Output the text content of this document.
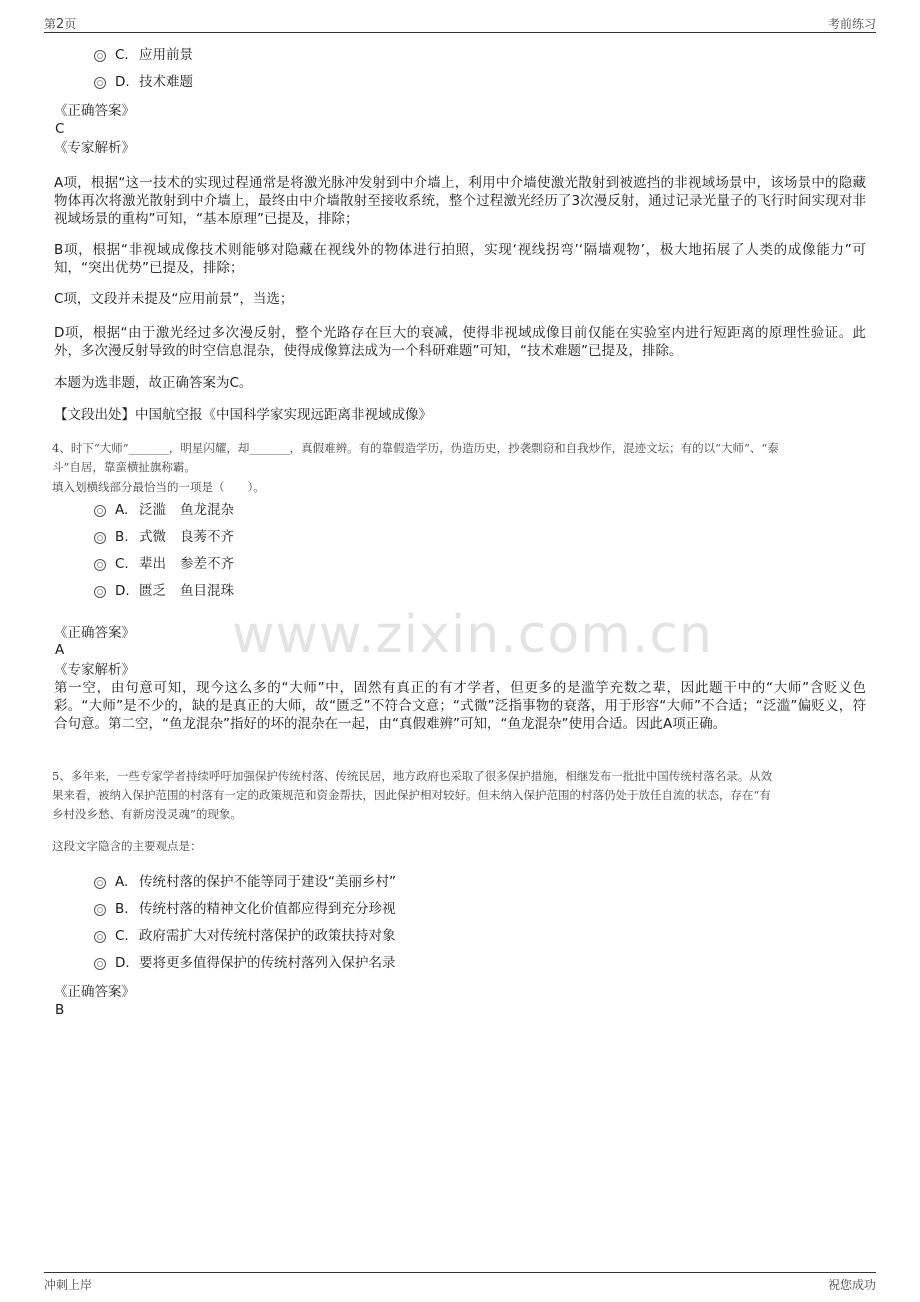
第2页	考前练习
www.zixin.com.cn
C. 应用前景
D. 技术难题
《正确答案》
C
《专家解析》
A项，根据“这一技术的实现过程通常是将激光脉冲发射到中介墙上，利用中介墙使激光散射到被遮挡的非视域场景中，该场景中的隐藏物体再次将激光散射到中介墙上，最终由中介墙散射至接收系统，整个过程激光经历了3次漫反射，通过记录光量子的飞行时间实现对非视域场景的重构”可知，“基本原理”已提及，排除；
B项，根据“非视域成像技术则能够对隐藏在视线外的物体进行拍照，实现‘视线拐弯’‘隔墙观物’，极大地拓展了人类的成像能力”可知，“突出优势”已提及，排除；
C项，文段并未提及“应用前景”，当选；
D项，根据“由于激光经过多次漫反射，整个光路存在巨大的衰减，使得非视域成像目前仅能在实验室内进行短距离的原理性验证。此外，多次漫反射导致的时空信息混杂，使得成像算法成为一个科研难题”可知，“技术难题”已提及，排除。
本题为选非题，故正确答案为C。
【文段出处】中国航空报《中国科学家实现远距离非视域成像》
4、时下“大师”_______，明星闪耀，却_______，真假难辨。有的靠假造学历，伪造历史，抄袭剽窃和自我炒作，混迹文坛；有的以“大师”、“泰
斗”自居，靠蛮横扯旗称霸。
填入划横线部分最恰当的一项是（　　）。
A. 泛滥 鱼龙混杂
B. 式微 良莠不齐
C. 辈出 参差不齐
D. 匮乏 鱼目混珠
《正确答案》
A
《专家解析》
第一空，由句意可知，现今这么多的“大师”中，固然有真正的有才学者，但更多的是滥竽充数之辈，因此题干中的“大师”含贬义色彩。“大师”是不少的，缺的是真正的大师，故“匮乏”不符合文意；“式微”泛指事物的衰落，用于形容“大师”不合适；“泛滥”偏贬义，符合句意。第二空，“鱼龙混杂”指好的坏的混杂在一起，由“真假难辨”可知，“鱼龙混杂”使用合适。因此A项正确。
5、多年来，一些专家学者持续呼吁加强保护传统村落、传统民居，地方政府也采取了很多保护措施，相继发布一批批中国传统村落名录。从效
果来看，被纳入保护范围的村落有一定的政策规范和资金帮扶，因此保护相对较好。但未纳入保护范围的村落仍处于放任自流的状态，存在“有
乡村没乡愁、有新房没灵魂”的现象。
这段文字隐含的主要观点是：
A. 传统村落的保护不能等同于建设“美丽乡村”
B. 传统村落的精神文化价值都应得到充分珍视
C. 政府需扩大对传统村落保护的政策扶持对象
D. 要将更多值得保护的传统村落列入保护名录
《正确答案》
B
冲刺上岸	祝您成功
